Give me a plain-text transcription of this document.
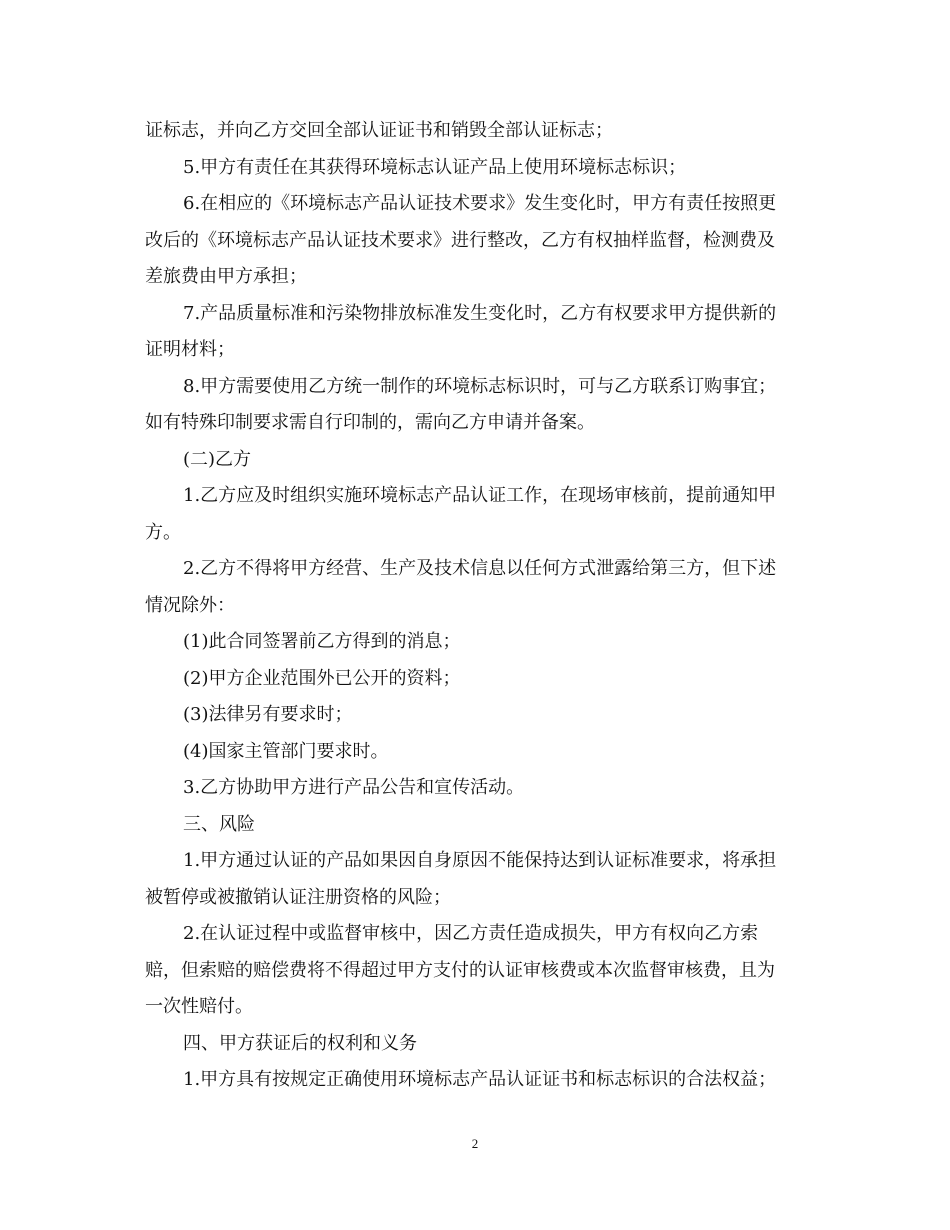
证标志，并向乙方交回全部认证证书和销毁全部认证标志；
5.甲方有责任在其获得环境标志认证产品上使用环境标志标识；
6.在相应的《环境标志产品认证技术要求》发生变化时，甲方有责任按照更
改后的《环境标志产品认证技术要求》进行整改，乙方有权抽样监督，检测费及
差旅费由甲方承担；
7.产品质量标准和污染物排放标准发生变化时，乙方有权要求甲方提供新的
证明材料；
8.甲方需要使用乙方统一制作的环境标志标识时，可与乙方联系订购事宜；
如有特殊印制要求需自行印制的，需向乙方申请并备案。
(二)乙方
1.乙方应及时组织实施环境标志产品认证工作，在现场审核前，提前通知甲
方。
2.乙方不得将甲方经营、生产及技术信息以任何方式泄露给第三方，但下述
情况除外：
(1)此合同签署前乙方得到的消息；
(2)甲方企业范围外已公开的资料；
(3)法律另有要求时；
(4)国家主管部门要求时。
3.乙方协助甲方进行产品公告和宣传活动。
三、风险
1.甲方通过认证的产品如果因自身原因不能保持达到认证标准要求，将承担
被暂停或被撤销认证注册资格的风险；
2.在认证过程中或监督审核中，因乙方责任造成损失，甲方有权向乙方索
赔，但索赔的赔偿费将不得超过甲方支付的认证审核费或本次监督审核费，且为
一次性赔付。
四、甲方获证后的权利和义务
1.甲方具有按规定正确使用环境标志产品认证证书和标志标识的合法权益；
2
